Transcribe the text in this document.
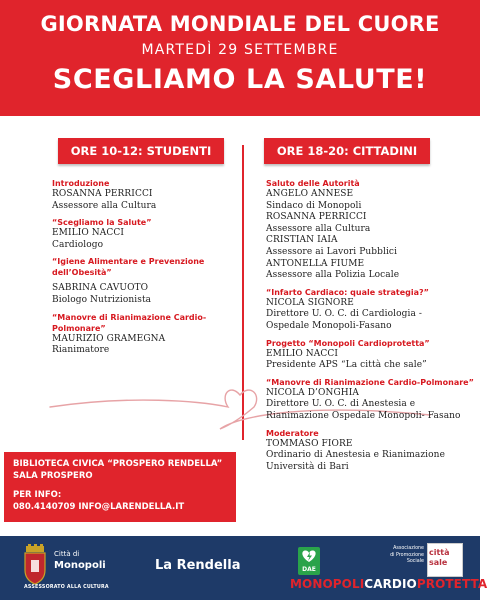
GIORNATA MONDIALE DEL CUORE
MARTEDÌ 29 SETTEMBRE
SCEGLIAMO LA SALUTE!
ORE 10-12: STUDENTI	ORE 18-20: CITTADINI
Introduzione
ROSANNA PERRICCI
Assessore alla Cultura
“Scegliamo la Salute”
EMILIO NACCI
Cardiologo
“Igiene Alimentare e Prevenzione dell’Obesità”
SABRINA CAVUOTO
Biologo Nutrizionista
“Manovre di Rianimazione Cardio-Polmonare”
MAURIZIO GRAMEGNA
Rianimatore
Saluto delle Autorità
ANGELO ANNESE
Sindaco di Monopoli
ROSANNA PERRICCI
Assessore alla Cultura
CRISTIAN IAIA
Assessore ai Lavori Pubblici
ANTONELLA FIUME
Assessore alla Polizia Locale
“Infarto Cardiaco: quale strategia?”
NICOLA SIGNORE
Direttore U. O. C. di Cardiologia -
Ospedale Monopoli-Fasano
Progetto “Monopoli Cardioprotetta”
EMILIO NACCI
Presidente APS “La città che sale”
“Manovre di Rianimazione Cardio-Polmonare”
NICOLA D’ONGHIA
Direttore U. O. C. di Anestesia e
Rianimazione Ospedale Monopoli- Fasano
Moderatore
TOMMASO FIORE
Ordinario di Anestesia e Rianimazione
Università di Bari
BIBLIOTECA CIVICA “PROSPERO RENDELLA”
SALA PROSPERO
PER INFO:
080.4140709 INFO@LARENDELLA.IT
Città di
Monopoli
ASSESSORATO ALLA CULTURA
La Rendella	DAE
Associazione
di Promozione
Sociale
città
sale
MONOPOLICARDIOPROTETTA
